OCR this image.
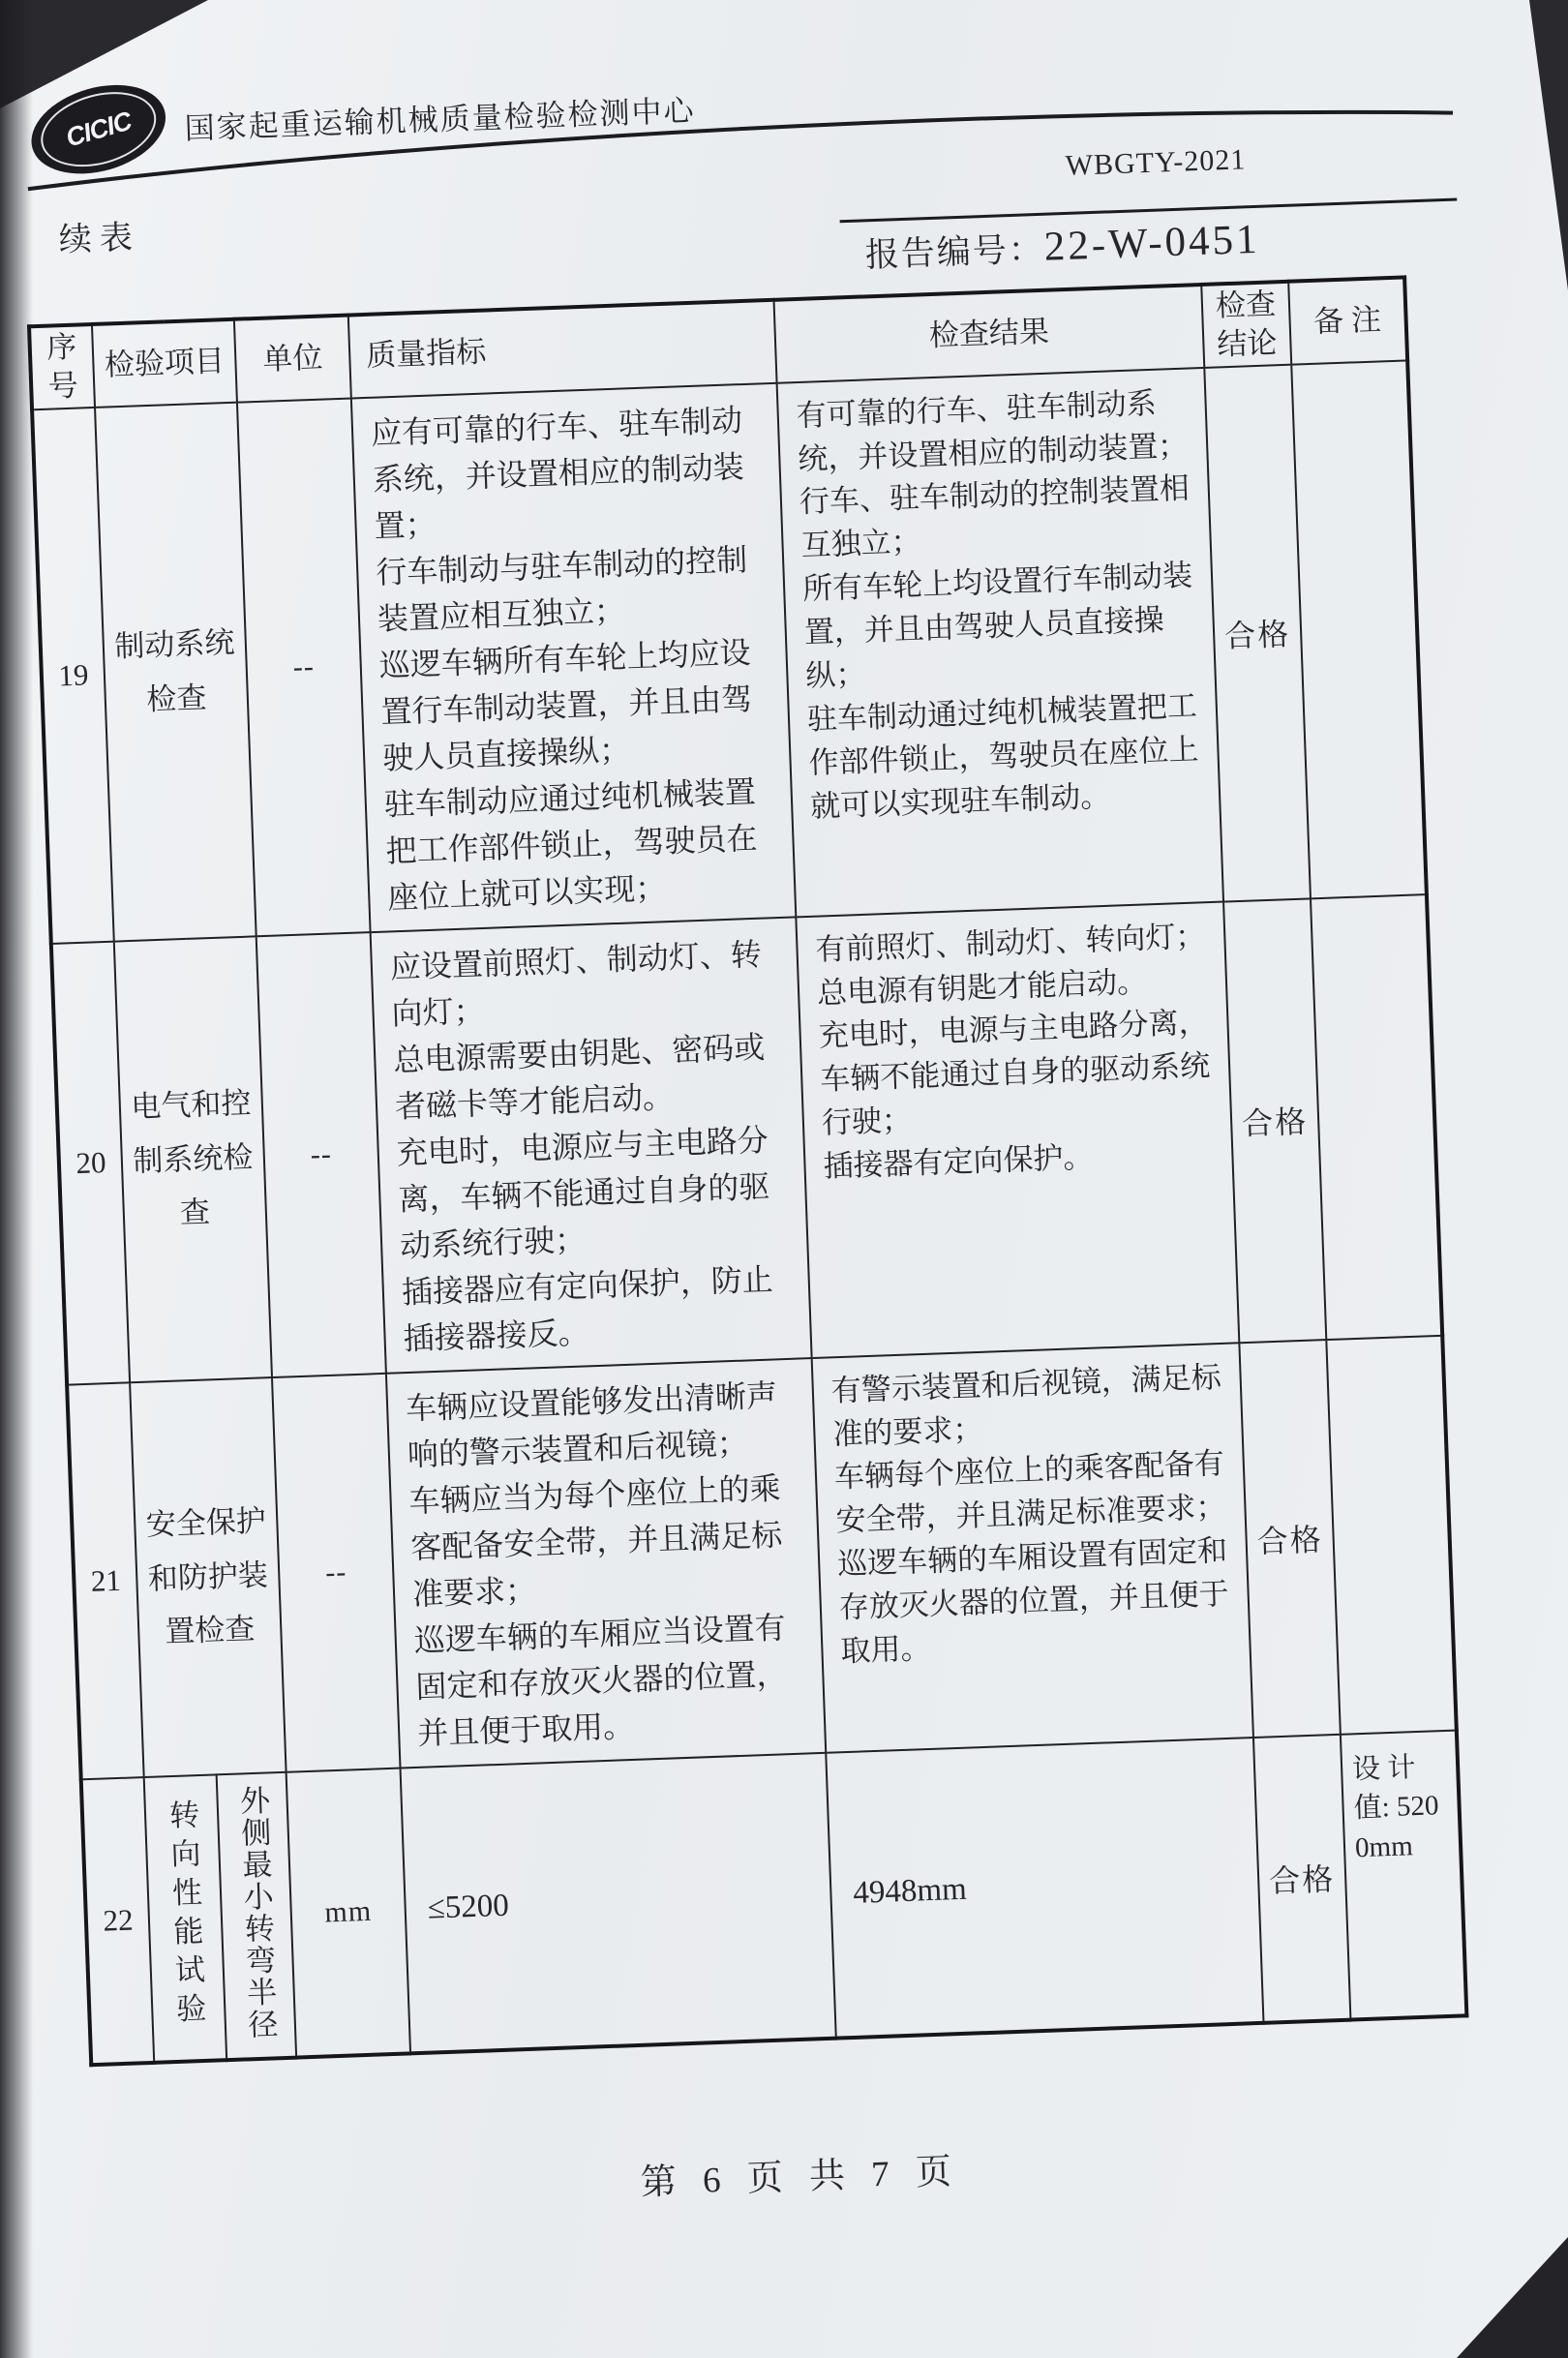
CICIC 国家起重运输机械质量检验检测中心
WBGTY-2021
报告编号：22-W-0451
续表
序号	检验项目		单位	质量指标	检查结果	检查结论	备 注
19	制动系统检查		--	应有可靠的行车、驻车制动系统，并设置相应的制动装置；
行车制动与驻车制动的控制装置应相互独立；
巡逻车辆所有车轮上均应设置行车制动装置，并且由驾驶人员直接操纵；
驻车制动应通过纯机械装置把工作部件锁止，驾驶员在座位上就可以实现；	有可靠的行车、驻车制动系统，并设置相应的制动装置；
行车、驻车制动的控制装置相互独立；
所有车轮上均设置行车制动装置，并且由驾驶人员直接操纵；
驻车制动通过纯机械装置把工作部件锁止，驾驶员在座位上就可以实现驻车制动。	合格	
20	电气和控制系统检查		--	应设置前照灯、制动灯、转向灯；
总电源需要由钥匙、密码或者磁卡等才能启动。
充电时，电源应与主电路分离，车辆不能通过自身的驱动系统行驶；
插接器应有定向保护，防止插接器接反。	有前照灯、制动灯、转向灯；
总电源有钥匙才能启动。
充电时，电源与主电路分离，车辆不能通过自身的驱动系统行驶；
插接器有定向保护。	合格	
21	安全保护和防护装置检查		--	车辆应设置能够发出清晰声响的警示装置和后视镜；
车辆应当为每个座位上的乘客配备安全带，并且满足标准要求；
巡逻车辆的车厢应当设置有固定和存放灭火器的位置，并且便于取用。	有警示装置和后视镜，满足标准的要求；
车辆每个座位上的乘客配备有安全带，并且满足标准要求；
巡逻车辆的车厢设置有固定和存放灭火器的位置，并且便于取用。	合格	
22	转向性能试验	外侧最小转弯半径	mm	≤5200	4948mm	合格	设 计值: 5200mm
第 6 页 共 7 页
